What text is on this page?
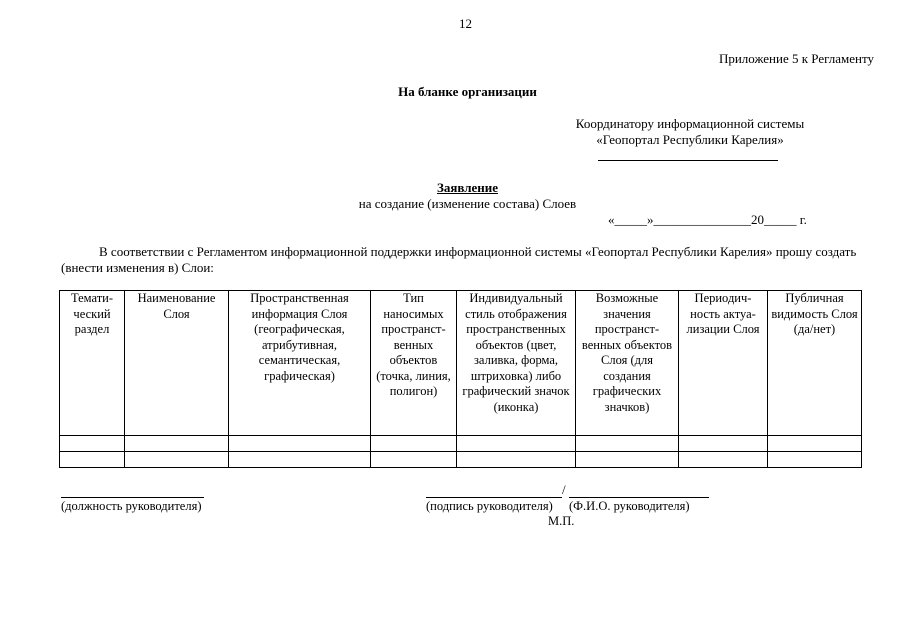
12
Приложение 5 к Регламенту
На бланке организации
Координатору информационной системы
«Геопортал Республики Карелия»
Заявление
на создание (изменение состава) Слоев
«_____»_______________20_____ г.
В соответствии с Регламентом информационной поддержки информационной системы «Геопортал Республики Карелия» прошу создать (внести изменения в) Слои:
Темати-ческий раздел	Наименование Слоя	Пространственная информация Слоя (географическая, атрибутивная, семантическая, графическая)	Тип наносимых пространст-венных объектов (точка, линия, полигон)	Индивидуальный стиль отображения пространственных объектов (цвет, заливка, форма, штриховка) либо графический значок (иконка)	Возможные значения пространст-венных объектов Слоя (для создания графических значков)	Периодич-ность актуа-лизации Слоя	Публичная видимость Слоя (да/нет)

/
(должность руководителя)	(подпись руководителя) (Ф.И.О. руководителя)
М.П.
